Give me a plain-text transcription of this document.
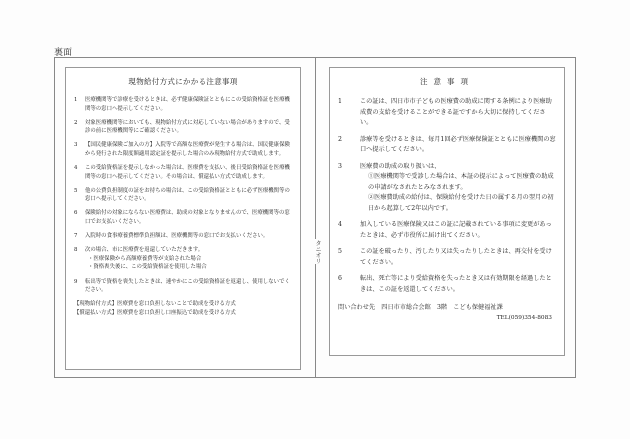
裏面
タニオリ
現物給付方式にかかる注意事項
1	医療機関等で診療を受けるときは、必ず健康保険証とともにこの受給資格証を医療機関等の窓口へ提示してください。
2	対象医療機関等においても、現物給付方式に対応していない場合がありますので、受診の前に医療機関等にご確認ください。
3	【国民健康保険ご加入の方】入院等で高額な医療費が発生する場合は、国民健康保険から発行された限度額適用認定証を提示した場合のみ現物給付方式で助成します。
4	この受給資格証を提示しなかった場合は、医療費を支払い、後日受給資格証を医療機関等の窓口へ提示してください。その場合は、償還払い方式で助成します。
5	他の公費負担制度の証をお持ちの場合は、この受給資格証とともに必ず医療機関等の窓口へ提示してください。
6	保険給付の対象にならない医療費は、助成の対象となりませんので、医療機関等の窓口でお支払いください。
7	入院時の食事療養費標準負担額は、医療機関等の窓口でお支払いください。
8	次の場合、市に医療費を返還していただきます。
・医療保険から高額療養費等が支給された場合
・資格喪失後に、この受給資格証を使用した場合
9	転出等で資格を喪失したときは、速やかにこの受給資格証を返還し、使用しないでください。
【現物給付方式】医療費を窓口負担しないことで助成を受ける方式
【償還払い方式】医療費を窓口負担し口座振込で助成を受ける方式
注意事項
1	この証は、四日市市子どもの医療費の助成に関する条例により医療助成費の支給を受けることができる証ですから大切に保持してください。
2	診療等を受けるときは、毎月1回必ず医療保険証とともに医療機関の窓口へ提示してください。
3	医療費の助成の取り扱いは、
①医療機関等で受診した場合は、本証の提示によって医療費の助成の申請がなされたとみなされます。
②医療費助成の給付は、保険給付を受けた日の属する月の翌月の初日から起算して2年以内です。
4	加入している医療保険又はこの証に記載されている事項に変更があったときは、必ず市役所に届け出てください。
5	この証を破ったり、汚したり又は失ったりしたときは、再交付を受けてください。
6	転出、死亡等により受給資格を失ったとき又は有効期限を経過したときは、この証を返還してください。
問い合わせ先　四日市市総合会館　3階　こども保健福祉課
TEL(059)354-8083
